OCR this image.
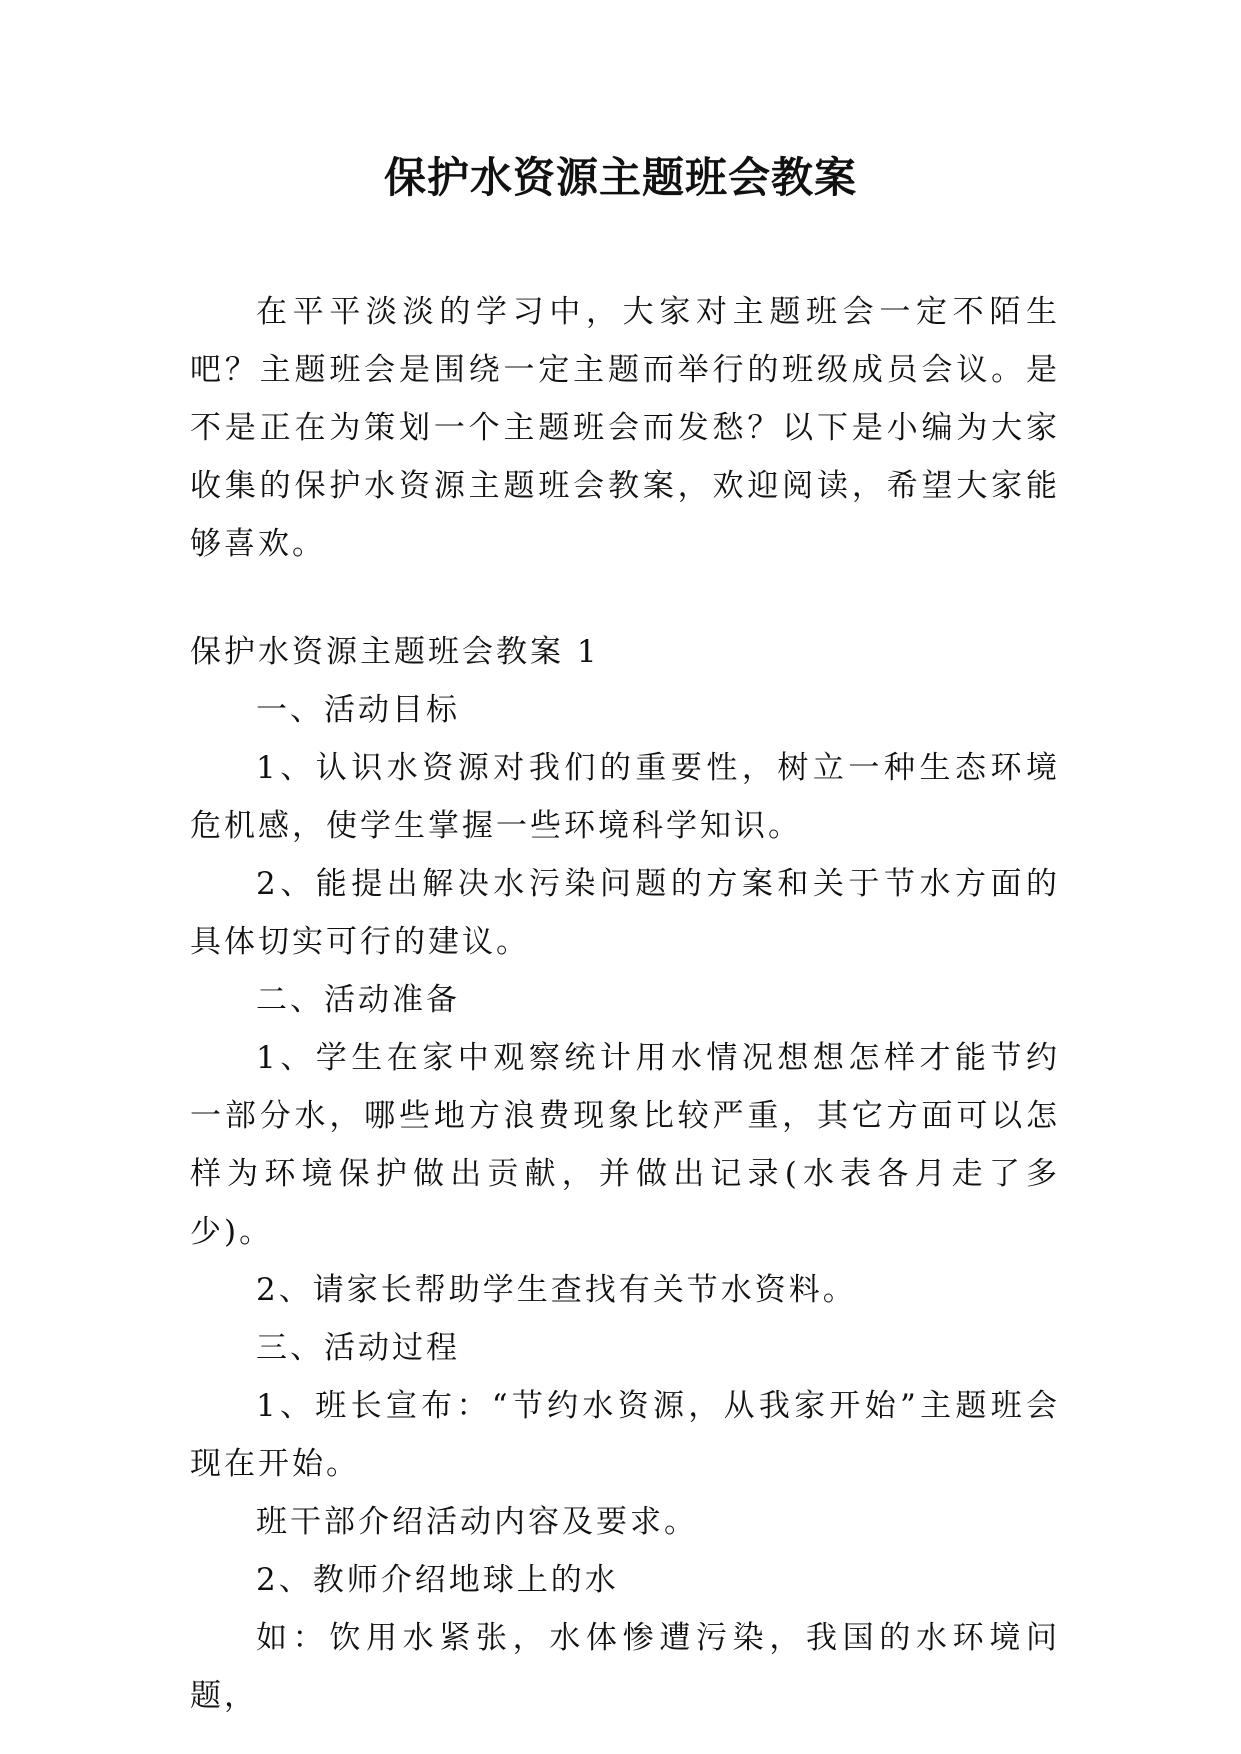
保护水资源主题班会教案

在平平淡淡的学习中，大家对主题班会一定不陌生吧？主题班会是围绕一定主题而举行的班级成员会议。是不是正在为策划一个主题班会而发愁？以下是小编为大家收集的保护水资源主题班会教案，欢迎阅读，希望大家能够喜欢。

保护水资源主题班会教案 1

一、活动目标

1、认识水资源对我们的重要性，树立一种生态环境危机感，使学生掌握一些环境科学知识。

2、能提出解决水污染问题的方案和关于节水方面的具体切实可行的建议。

二、活动准备

1、学生在家中观察统计用水情况想想怎样才能节约一部分水，哪些地方浪费现象比较严重，其它方面可以怎样为环境保护做出贡献，并做出记录(水表各月走了多少)。

2、请家长帮助学生查找有关节水资料。

三、活动过程

1、班长宣布：“节约水资源，从我家开始”主题班会现在开始。

班干部介绍活动内容及要求。

2、教师介绍地球上的水

如：饮用水紧张，水体惨遭污染，我国的水环境问题，
